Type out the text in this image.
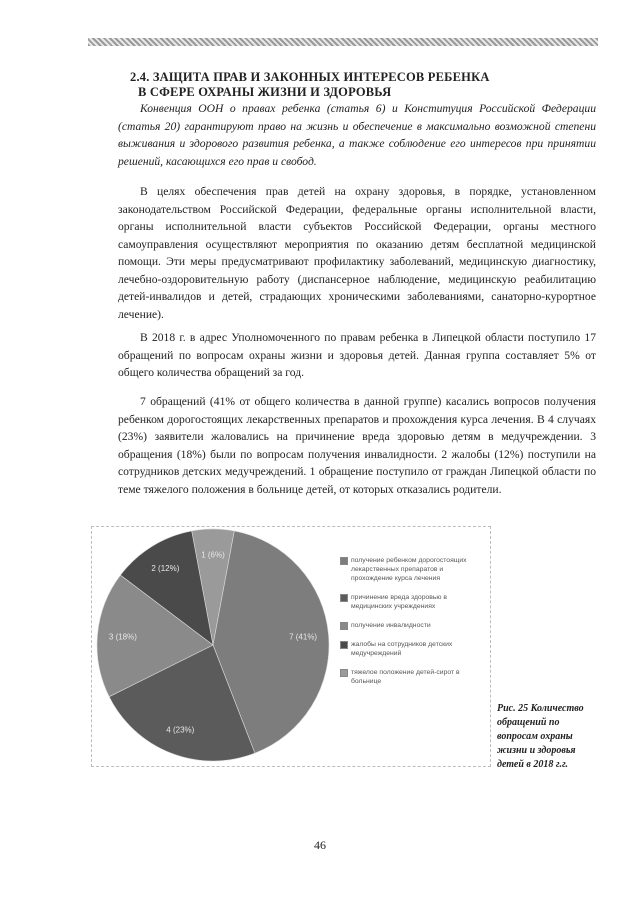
2.4. ЗАЩИТА ПРАВ И ЗАКОННЫХ ИНТЕРЕСОВ РЕБЕНКА
В СФЕРЕ ОХРАНЫ ЖИЗНИ И ЗДОРОВЬЯ
Конвенция ООН о правах ребенка (статья 6) и Конституция Российской Федерации (статья 20) гарантируют право на жизнь и обеспечение в максимально возможной степени выживания и здорового развития ребенка, а также соблюдение его интересов при принятии решений, касающихся его прав и свобод.
В целях обеспечения прав детей на охрану здоровья, в порядке, установленном законодательством Российской Федерации, федеральные органы исполнительной власти, органы исполнительной власти субъектов Российской Федерации, органы местного самоуправления осуществляют мероприятия по оказанию детям бесплатной медицинской помощи. Эти меры предусматривают профилактику заболеваний, медицинскую диагностику, лечебно-оздоровительную работу (диспансерное наблюдение, медицинскую реабилитацию детей-инвалидов и детей, страдающих хроническими заболеваниями, санаторно-курортное лечение).
В 2018 г. в адрес Уполномоченного по правам ребенка в Липецкой области поступило 17 обращений по вопросам охраны жизни и здоровья детей. Данная группа составляет 5% от общего количества обращений за год.
7 обращений (41% от общего количества в данной группе) касались вопросов получения ребенком дорогостоящих лекарственных препаратов и прохождения курса лечения. В 4 случаях (23%) заявители жаловались на причинение вреда здоровью детям в медучреждении. 3 обращения (18%) были по вопросам получения инвалидности. 2 жалобы (12%) поступили на сотрудников детских медучреждений. 1 обращение поступило от граждан Липецкой области по теме тяжелого положения в больнице детей, от которых отказались родители.
1 (6%)
7 (41%)
4 (23%)
3 (18%)
2 (12%)
получение ребенком дорогостоящих лекарственных препаратов и прохождение курса лечения
причинение вреда здоровью в медицинских учреждениях
получение инвалидности
жалобы на сотрудников детских медучреждений
тяжелое положение детей-сирот в больнице
Рис. 25 Количество обращений по вопросам охраны жизни и здоровья детей в 2018 г.г.
46
